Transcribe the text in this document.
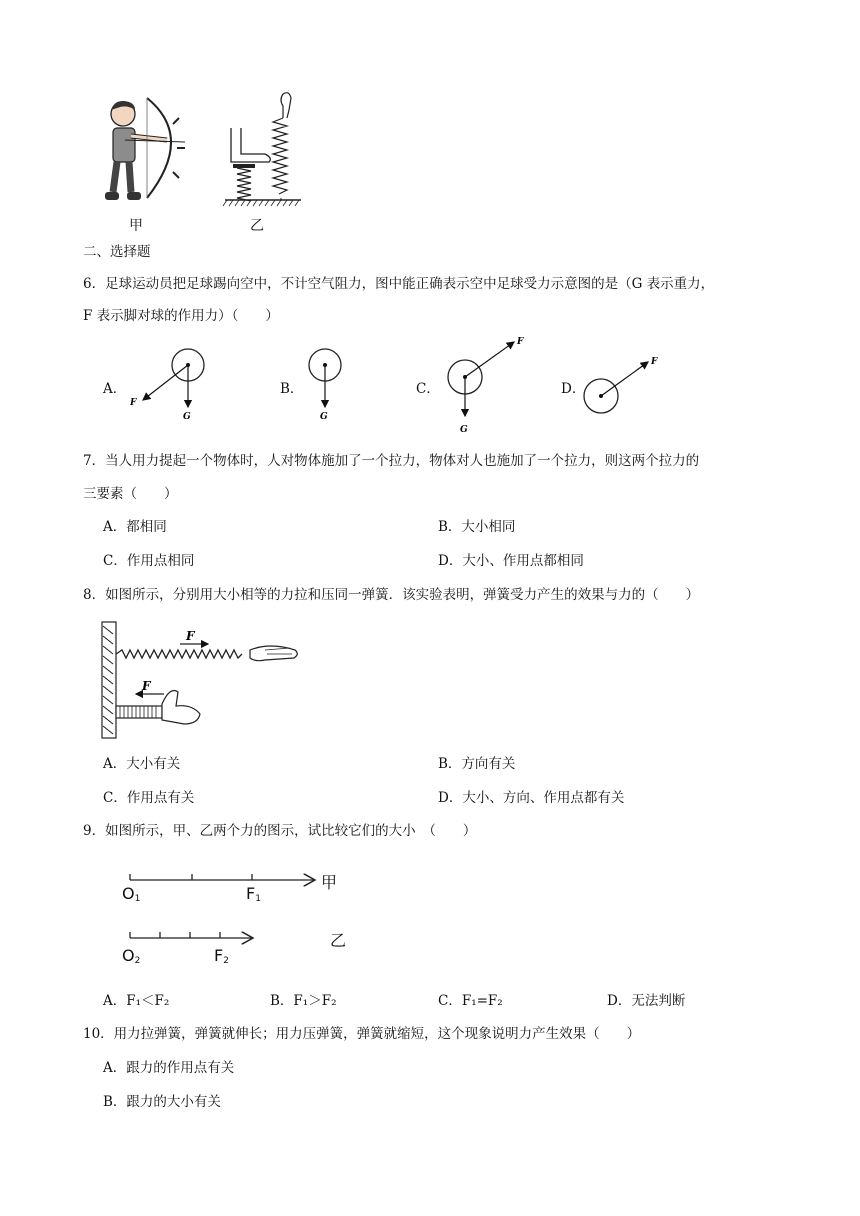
甲	乙
二、选择题
6．足球运动员把足球踢向空中，不计空气阻力，图中能正确表示空中足球受力示意图的是（G 表示重力，
F 表示脚对球的作用力）（　　）
A．
F
G
B．
G
C．
F
G
D．
F
7．当人用力提起一个物体时，人对物体施加了一个拉力，物体对人也施加了一个拉力，则这两个拉力的
三要素（　　）
A．都相同	B．大小相同
C．作用点相同	D．大小、作用点都相同
8．如图所示，分别用大小相等的力拉和压同一弹簧．该实验表明，弹簧受力产生的效果与力的（　　）
F
F
A．大小有关	B．方向有关
C．作用点有关	D．大小、方向、作用点都有关
9．如图所示，甲、乙两个力的图示，试比较它们的大小　（　　）
$O_1$	$F_1$
甲
$O_2$	$F_2$
乙
A．F₁＜F₂	B．F₁＞F₂	C．F₁=F₂	D．无法判断
10．用力拉弹簧，弹簧就伸长；用力压弹簧，弹簧就缩短，这个现象说明力产生效果（　　）
A．跟力的作用点有关
B．跟力的大小有关
